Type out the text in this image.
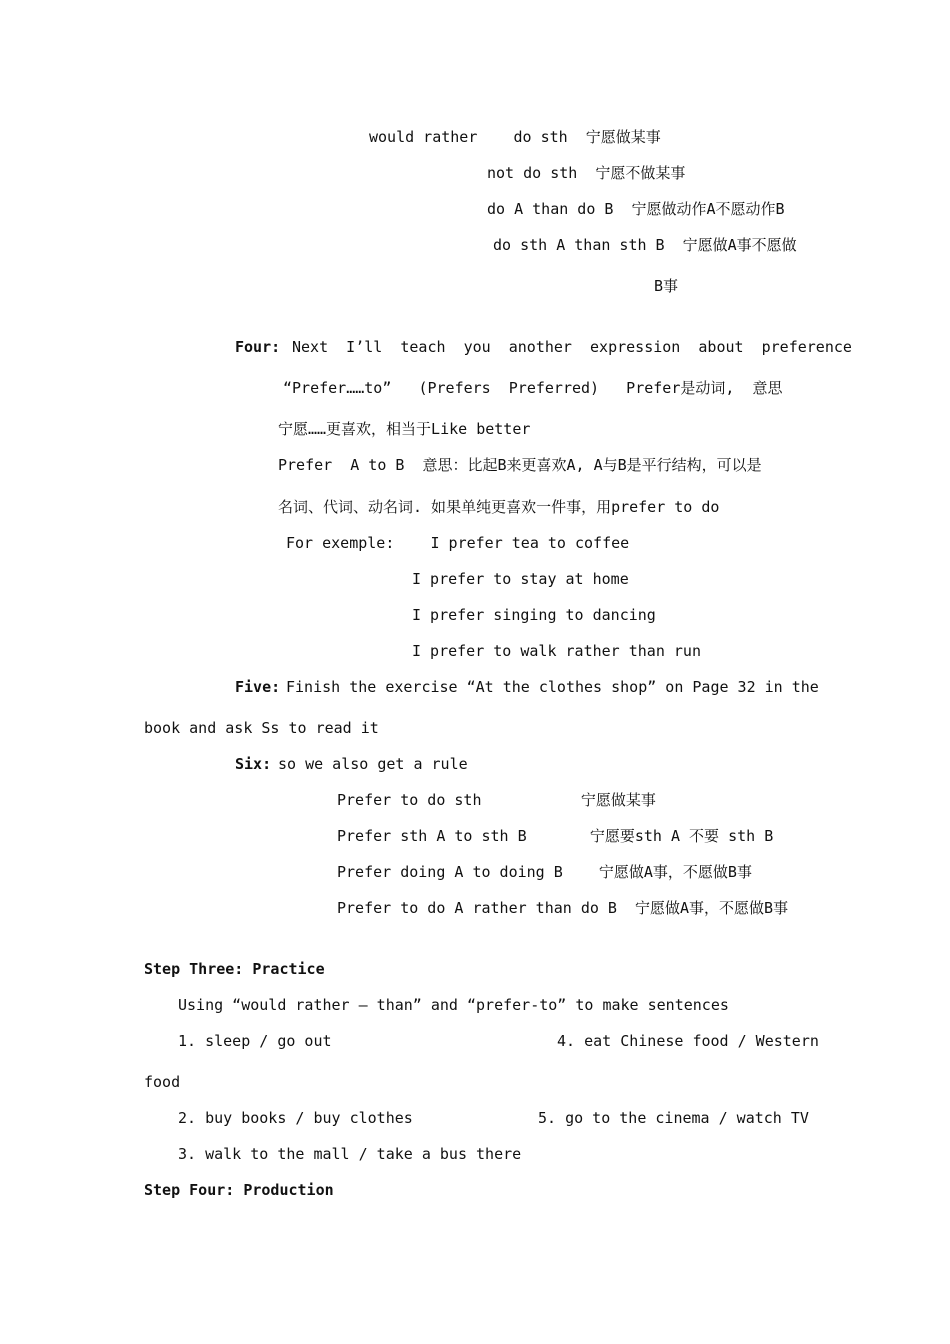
would rather    do sth  宁愿做某事
not do sth  宁愿不做某事
do A than do B  宁愿做动作A不愿动作B
do sth A than sth B  宁愿做A事不愿做
B事
Four: Next  I’ll  teach  you  another  expression  about  preference
“Prefer……to”   (Prefers  Preferred)   Prefer是动词,  意思
宁愿……更喜欢，相当于Like better
Prefer  A to B  意思：比起B来更喜欢A, A与B是平行结构，可以是
名词、代词、动名词. 如果单纯更喜欢一件事，用prefer to do
For exemple:    I prefer tea to coffee
I prefer to stay at home
I prefer singing to dancing
I prefer to walk rather than run
Five: Finish the exercise “At the clothes shop” on Page 32 in the
book and ask Ss to read it
Six: so we also get a rule
Prefer to do sth           宁愿做某事
Prefer sth A to sth B       宁愿要sth A 不要 sth B
Prefer doing A to doing B    宁愿做A事，不愿做B事
Prefer to do A rather than do B  宁愿做A事，不愿做B事
Step Three: Practice
Using “would rather – than” and “prefer-to” to make sentences
1. sleep / go out	4. eat Chinese food / Western
food
2. buy books / buy clothes	5. go to the cinema / watch TV
3. walk to the mall / take a bus there
Step Four: Production
